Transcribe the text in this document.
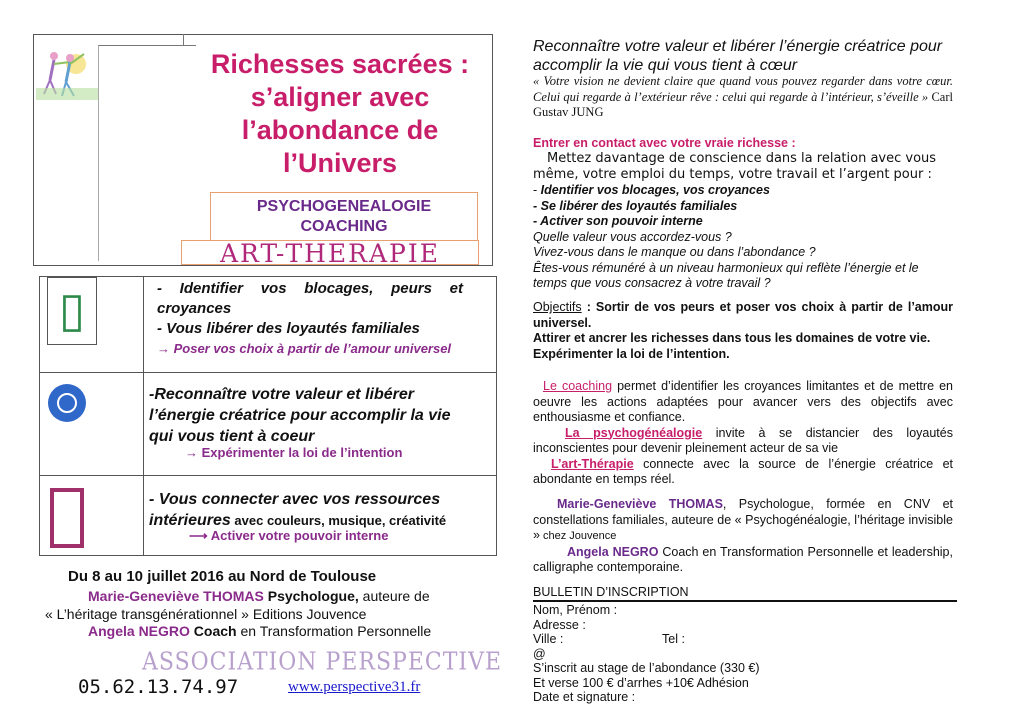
Richesses sacrées :
s’aligner avec
l’abondance de
l’Univers
PSYCHOGENEALOGIE
COACHING
ART-THERAPIE
▯	- Identifier vos blocages, peurs et croyances
- Vous libérer des loyautés familiales
→ Poser vos choix à partir de l’amour universel
-Reconnaître votre valeur et libérer l’énergie créatrice pour accomplir la vie qui vous tient à coeur
→ Expérimenter la loi de l’intention
- Vous connecter avec vos ressources intérieures avec couleurs, musique, créativité
⟶ Activer votre pouvoir interne
Du 8 au 10 juillet 2016 au Nord de Toulouse
Marie-Geneviève THOMAS Psychologue, auteure de
« L’héritage transgénérationnel » Editions Jouvence
Angela NEGRO Coach en Transformation Personnelle
ASSOCIATION PERSPECTIVE
05.62.13.74.97	www.perspective31.fr
Reconnaître votre valeur et libérer l’énergie créatrice pour accomplir la vie qui vous tient à cœur
« Votre vision ne devient claire que quand vous pouvez regarder dans votre cœur. Celui qui regarde à l’extérieur rêve : celui qui regarde à l’intérieur, s’éveille » Carl Gustav JUNG
Entrer en contact avec votre vraie richesse :
Mettez davantage de conscience dans la relation avec vous même, votre emploi du temps, votre travail et l’argent pour :
- Identifier vos blocages, vos croyances
- Se libérer des loyautés familiales
- Activer son pouvoir interne
Quelle valeur vous accordez-vous ?
Vivez-vous dans le manque ou dans l’abondance ?
Êtes-vous rémunéré à un niveau harmonieux qui reflète l’énergie et le temps que vous consacrez à votre travail ?
Objectifs : Sortir de vos peurs et poser vos choix à partir de l’amour universel.
Attirer et ancrer les richesses dans tous les domaines de votre vie.
Expérimenter la loi de l’intention.
Le coaching permet d’identifier les croyances limitantes et de mettre en oeuvre les actions adaptées pour avancer vers des objectifs avec enthousiasme et confiance.
La psychogénéalogie invite à se distancier des loyautés inconscientes pour devenir pleinement acteur de sa vie
L’art-Thérapie connecte avec la source de l’énergie créatrice et abondante en temps réel.
Marie-Geneviève THOMAS, Psychologue, formée en CNV et constellations familiales, auteure de « Psychogénéalogie, l’héritage invisible » chez Jouvence
Angela NEGRO Coach en Transformation Personnelle et leadership, calligraphe contemporaine.
BULLETIN D’INSCRIPTION
Nom, Prénom :
Adresse :
Ville :	Tel :
@
S’inscrit au stage de l’abondance (330 €)
Et verse 100 € d’arrhes +10€ Adhésion
Date et signature :
